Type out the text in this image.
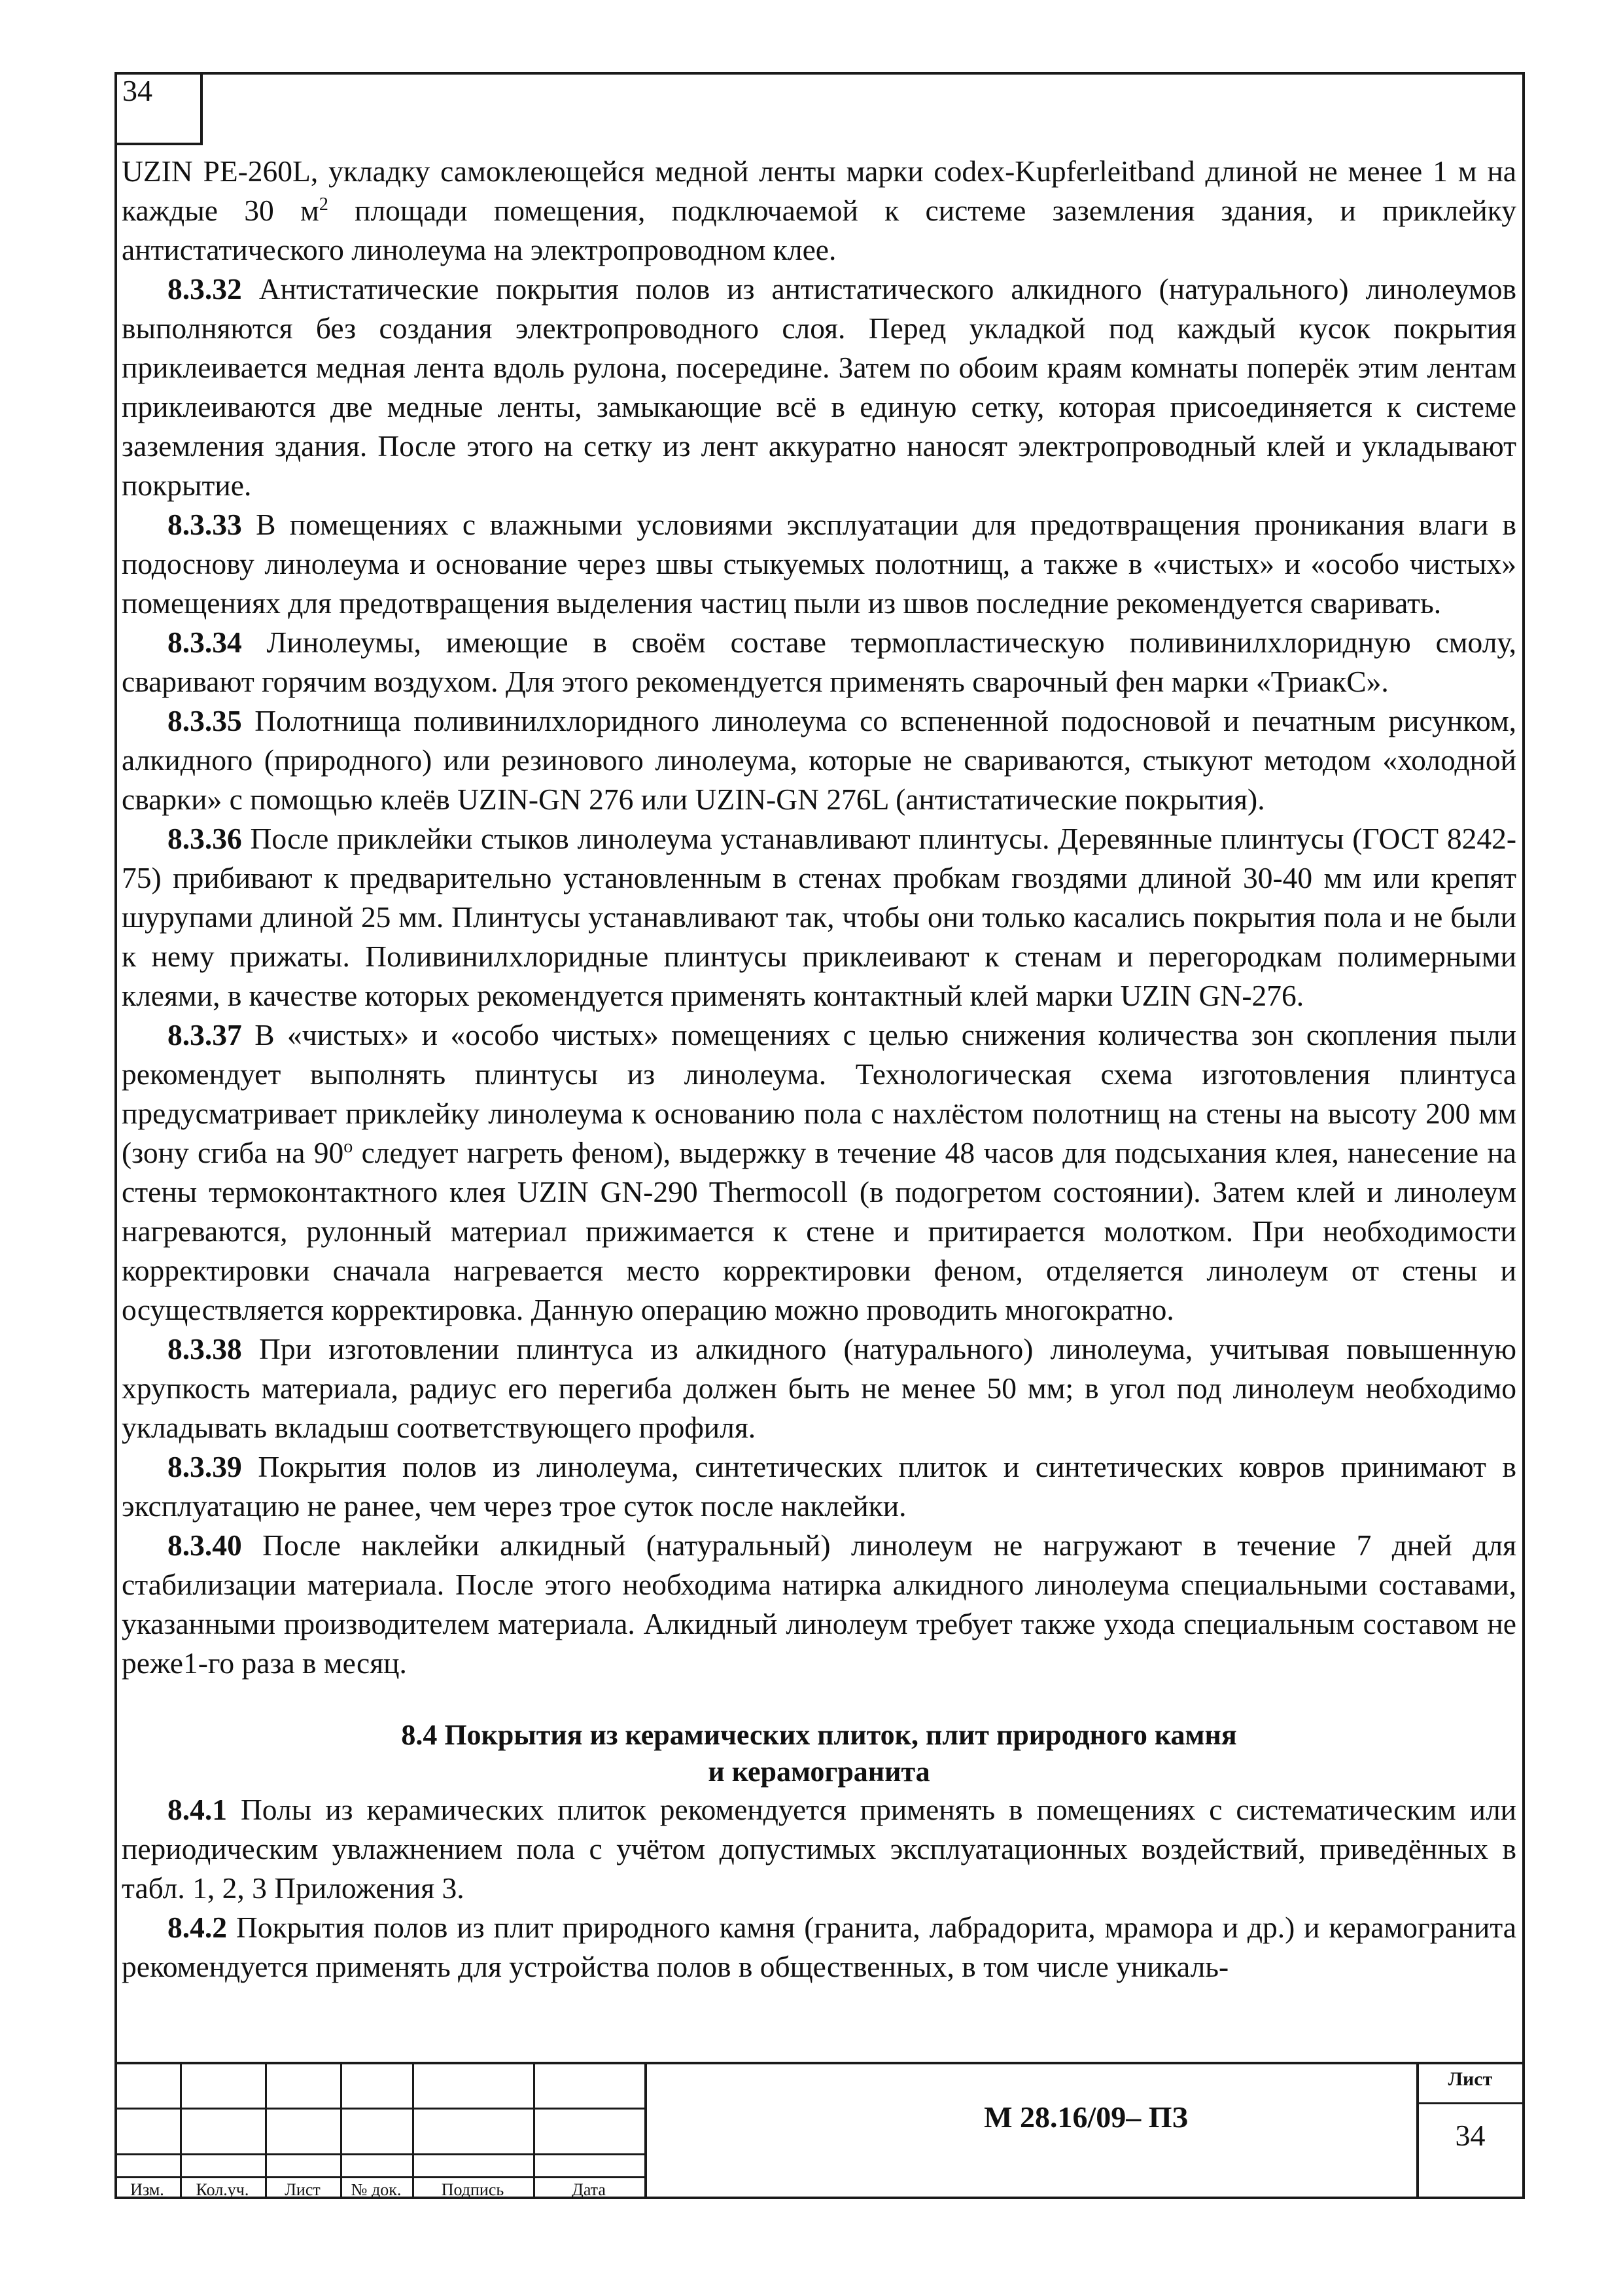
34

UZIN PE-260L, укладку самоклеющейся медной ленты марки codex-Kupferleitband длиной не менее 1 м на каждые 30 $м^2$ площади помещения, подключаемой к системе заземления здания, и приклейку антистатического линолеума на электропроводном клее.

8.3.32 Антистатические покрытия полов из антистатического алкидного (натурального) линолеумов выполняются без создания электропроводного слоя. Перед укладкой под каждый кусок покрытия приклеивается медная лента вдоль рулона, посередине. Затем по обоим краям комнаты поперёк этим лентам приклеиваются две медные ленты, замыкающие всё в единую сетку, которая присоединяется к системе заземления здания. После этого на сетку из лент аккуратно наносят электропроводный клей и укладывают покрытие.

8.3.33 В помещениях с влажными условиями эксплуатации для предотвращения проникания влаги в подоснову линолеума и основание через швы стыкуемых полотнищ, а также в «чистых» и «особо чистых» помещениях для предотвращения выделения частиц пыли из швов последние рекомендуется сваривать.

8.3.34 Линолеумы, имеющие в своём составе термопластическую поливинилхлоридную смолу, сваривают горячим воздухом. Для этого рекомендуется применять сварочный фен марки «ТриакС».

8.3.35 Полотнища поливинилхлоридного линолеума со вспененной подосновой и печатным рисунком, алкидного (природного) или резинового линолеума, которые не свариваются, стыкуют методом «холодной сварки» с помощью клеёв UZIN-GN 276 или UZIN-GN 276L (антистатические покрытия).

8.3.36 После приклейки стыков линолеума устанавливают плинтусы. Деревянные плинтусы (ГОСТ 8242-75) прибивают к предварительно установленным в стенах пробкам гвоздями длиной 30-40 мм или крепят шурупами длиной 25 мм. Плинтусы устанавливают так, чтобы они только касались покрытия пола и не были к нему прижаты. Поливинилхлоридные плинтусы приклеивают к стенам и перегородкам полимерными клеями, в качестве которых рекомендуется применять контактный клей марки UZIN GN-276.

8.3.37 В «чистых» и «особо чистых» помещениях с целью снижения количества зон скопления пыли рекомендует выполнять плинтусы из линолеума. Технологическая схема изготовления плинтуса предусматривает приклейку линолеума к основанию пола с нахлёстом полотнищ на стены на высоту 200 мм (зону сгиба на 90$^o$ следует нагреть феном), выдержку в течение 48 часов для подсыхания клея, нанесение на стены термоконтактного клея UZIN GN-290 Thermocoll (в подогретом состоянии). Затем клей и линолеум нагреваются, рулонный материал прижимается к стене и притирается молотком. При необходимости корректировки сначала нагревается место корректировки феном, отделяется линолеум от стены и осуществляется корректировка. Данную операцию можно проводить многократно.

8.3.38 При изготовлении плинтуса из алкидного (натурального) линолеума, учитывая повышенную хрупкость материала, радиус его перегиба должен быть не менее 50 мм; в угол под линолеум необходимо укладывать вкладыш соответствующего профиля.

8.3.39 Покрытия полов из линолеума, синтетических плиток и синтетических ковров принимают в эксплуатацию не ранее, чем через трое суток после наклейки.

8.3.40 После наклейки алкидный (натуральный) линолеум не нагружают в течение 7 дней для стабилизации материала. После этого необходима натирка алкидного линолеума специальными составами, указанными производителем материала. Алкидный линолеум требует также ухода специальным составом не реже1-го раза в месяц.

8.4 Покрытия из керамических плиток, плит природного камня
и керамогранита

8.4.1 Полы из керамических плиток рекомендуется применять в помещениях с систематическим или периодическим увлажнением пола с учётом допустимых эксплуатационных воздействий, приведённых в табл. 1, 2, 3 Приложения 3.

8.4.2 Покрытия полов из плит природного камня (гранита, лабрадорита, мрамора и др.) и керамогранита рекомендуется применять для устройства полов в общественных, в том числе уникаль-

Изм.	Кол.уч.	Лист	№ док.	Подпись	Дата
М 28.16/09– ПЗ
Лист
34
